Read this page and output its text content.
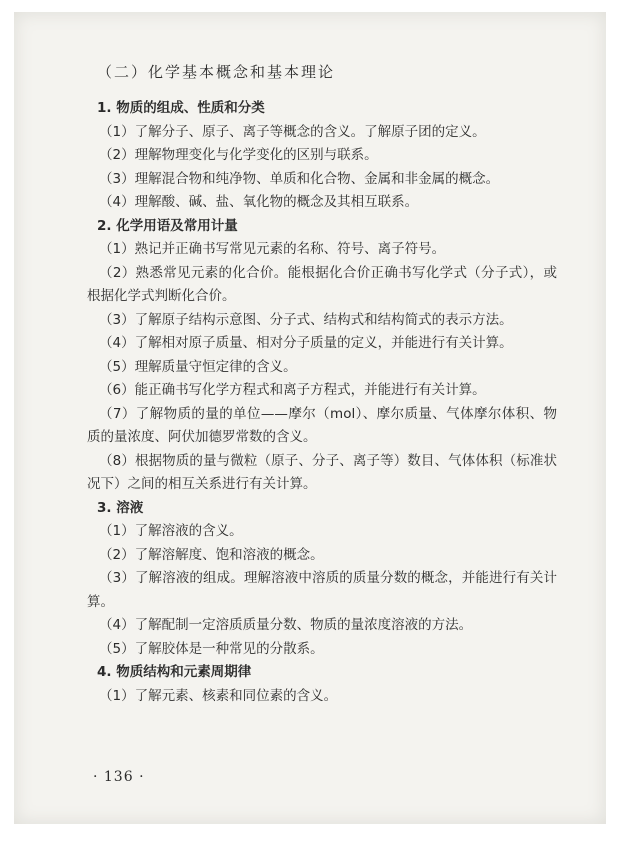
（二）化学基本概念和基本理论
1. 物质的组成、性质和分类
（1）了解分子、原子、离子等概念的含义。了解原子团的定义。
（2）理解物理变化与化学变化的区别与联系。
（3）理解混合物和纯净物、单质和化合物、金属和非金属的概念。
（4）理解酸、碱、盐、氧化物的概念及其相互联系。
2. 化学用语及常用计量
（1）熟记并正确书写常见元素的名称、符号、离子符号。
（2）熟悉常见元素的化合价。能根据化合价正确书写化学式（分子式），或根据化学式判断化合价。
（3）了解原子结构示意图、分子式、结构式和结构简式的表示方法。
（4）了解相对原子质量、相对分子质量的定义，并能进行有关计算。
（5）理解质量守恒定律的含义。
（6）能正确书写化学方程式和离子方程式，并能进行有关计算。
（7）了解物质的量的单位——摩尔（mol）、摩尔质量、气体摩尔体积、物质的量浓度、阿伏加德罗常数的含义。
（8）根据物质的量与微粒（原子、分子、离子等）数目、气体体积（标准状况下）之间的相互关系进行有关计算。
3. 溶液
（1）了解溶液的含义。
（2）了解溶解度、饱和溶液的概念。
（3）了解溶液的组成。理解溶液中溶质的质量分数的概念，并能进行有关计算。
（4）了解配制一定溶质质量分数、物质的量浓度溶液的方法。
（5）了解胶体是一种常见的分散系。
4. 物质结构和元素周期律
（1）了解元素、核素和同位素的含义。
· 136 ·
